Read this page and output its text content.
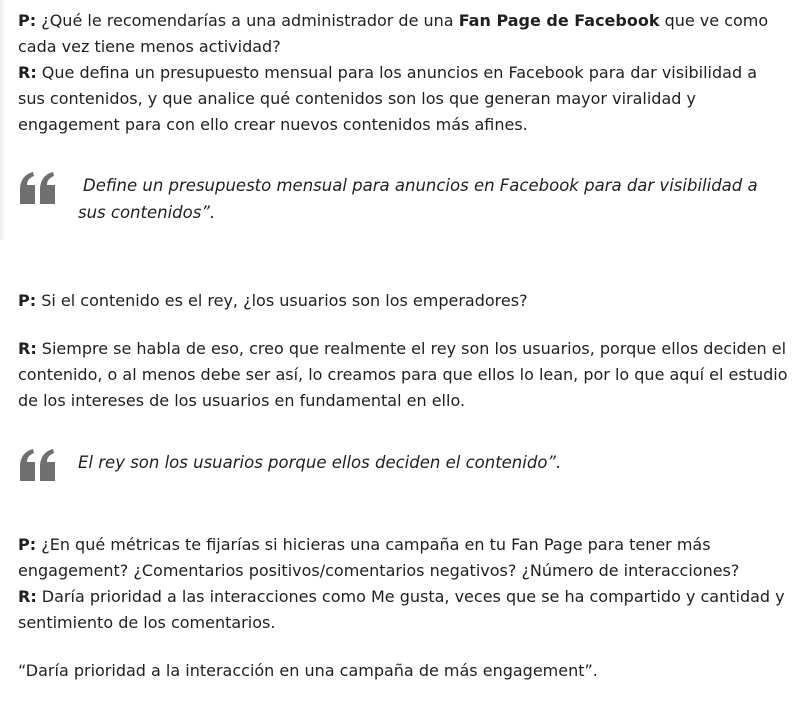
P: ¿Qué le recomendarías a una administrador de una Fan Page de Facebook que ve como cada vez tiene menos actividad?

R: Que defina un presupuesto mensual para los anuncios en Facebook para dar visibilidad a sus contenidos, y que analice qué contenidos son los que generan mayor viralidad y engagement para con ello crear nuevos contenidos más afines.

Define un presupuesto mensual para anuncios en Facebook para dar visibilidad a sus contenidos”.

P: Si el contenido es el rey, ¿los usuarios son los emperadores?

R: Siempre se habla de eso, creo que realmente el rey son los usuarios, porque ellos deciden el contenido, o al menos debe ser así, lo creamos para que ellos lo lean, por lo que aquí el estudio de los intereses de los usuarios en fundamental en ello.

El rey son los usuarios porque ellos deciden el contenido”.

P: ¿En qué métricas te fijarías si hicieras una campaña en tu Fan Page para tener más engagement? ¿Comentarios positivos/comentarios negativos? ¿Número de interacciones?

R: Daría prioridad a las interacciones como Me gusta, veces que se ha compartido y cantidad y sentimiento de los comentarios.

“Daría prioridad a la interacción en una campaña de más engagement”.
